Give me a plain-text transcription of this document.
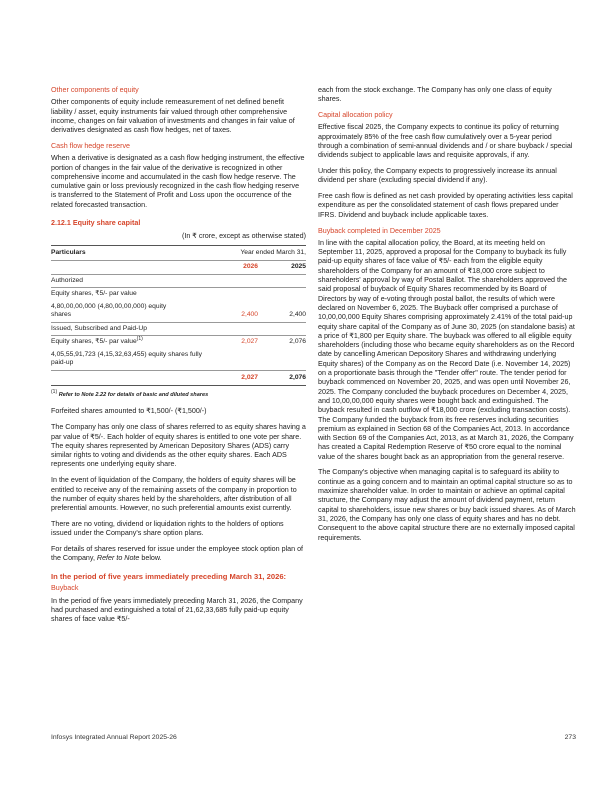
Other components of equity

Other components of equity include remeasurement of net defined benefit liability / asset, equity instruments fair valued through other comprehensive income, changes on fair valuation of investments and changes in fair value of derivatives designated as cash flow hedges, net of taxes.

Cash flow hedge reserve

When a derivative is designated as a cash flow hedging instrument, the effective portion of changes in the fair value of the derivative is recognized in other comprehensive income and accumulated in the cash flow hedge reserve. The cumulative gain or loss previously recognized in the cash flow hedging reserve is transferred to the Statement of Profit and Loss upon the occurrence of the related forecasted transaction.

2.12.1 Equity share capital
(In ₹ crore, except as otherwise stated)
Particulars	Year ended March 31,	
	2026	2025
Authorized		
Equity shares, ₹5/- par value		
4,80,00,00,000 (4,80,00,00,000) equity shares	2,400	2,400
Issued, Subscribed and Paid-Up		
Equity shares, ₹5/- par value$^{(1)}$	2,027	2,076
4,05,55,91,723 (4,15,32,63,455) equity shares fully paid-up		
	2,027	2,076
(1) Refer to Note 2.22 for details of basic and diluted shares

Forfeited shares amounted to ₹1,500/- (₹1,500/-)

The Company has only one class of shares referred to as equity shares having a par value of ₹5/-. Each holder of equity shares is entitled to one vote per share. The equity shares represented by American Depository Shares (ADS) carry similar rights to voting and dividends as the other equity shares. Each ADS represents one underlying equity share.

In the event of liquidation of the Company, the holders of equity shares will be entitled to receive any of the remaining assets of the company in proportion to the number of equity shares held by the shareholders, after distribution of all preferential amounts. However, no such preferential amounts exist currently.

There are no voting, dividend or liquidation rights to the holders of options issued under the Company's share option plans.

For details of shares reserved for issue under the employee stock option plan of the Company, Refer to Note below.

In the period of five years immediately preceding March 31, 2026:
Buyback

In the period of five years immediately preceding March 31, 2026, the Company had purchased and extinguished a total of 21,62,33,685 fully paid-up equity shares of face value ₹5/-

each from the stock exchange. The Company has only one class of equity shares.

Capital allocation policy

Effective fiscal 2025, the Company expects to continue its policy of returning approximately 85% of the free cash flow cumulatively over a 5-year period through a combination of semi-annual dividends and / or share buyback / special dividends subject to applicable laws and requisite approvals, if any.

Under this policy, the Company expects to progressively increase its annual dividend per share (excluding special dividend if any).

Free cash flow is defined as net cash provided by operating activities less capital expenditure as per the consolidated statement of cash flows prepared under IFRS. Dividend and buyback include applicable taxes.

Buyback completed in December 2025

In line with the capital allocation policy, the Board, at its meeting held on September 11, 2025, approved a proposal for the Company to buyback its fully paid-up equity shares of face value of ₹5/- each from the eligible equity shareholders of the Company for an amount of ₹18,000 crore subject to shareholders' approval by way of Postal Ballot. The shareholders approved the said proposal of buyback of Equity Shares recommended by its Board of Directors by way of e-voting through postal ballot, the results of which were declared on November 6, 2025. The Buyback offer comprised a purchase of 10,00,00,000 Equity Shares comprising approximately 2.41% of the total paid-up equity share capital of the Company as of June 30, 2025 (on standalone basis) at a price of ₹1,800 per Equity share. The buyback was offered to all eligible equity shareholders (including those who became equity shareholders as on the Record date by cancelling American Depository Shares and withdrawing underlying Equity shares) of the Company as on the Record Date (i.e. November 14, 2025) on a proportionate basis through the "Tender offer" route. The tender period for buyback commenced on November 20, 2025, and was open until November 26, 2025. The Company concluded the buyback procedures on December 4, 2025, and 10,00,00,000 equity shares were bought back and extinguished. The buyback resulted in cash outflow of ₹18,000 crore (excluding transaction costs). The Company funded the buyback from its free reserves including securities premium as explained in Section 68 of the Companies Act, 2013. In accordance with Section 69 of the Companies Act, 2013, as at March 31, 2026, the Company has created a Capital Redemption Reserve of ₹50 crore equal to the nominal value of the shares bought back as an appropriation from the general reserve.

The Company's objective when managing capital is to safeguard its ability to continue as a going concern and to maintain an optimal capital structure so as to maximize shareholder value. In order to maintain or achieve an optimal capital structure, the Company may adjust the amount of dividend payment, return capital to shareholders, issue new shares or buy back issued shares. As of March 31, 2026, the Company has only one class of equity shares and has no debt. Consequent to the above capital structure there are no externally imposed capital requirements.

Infosys Integrated Annual Report 2025-26	273
